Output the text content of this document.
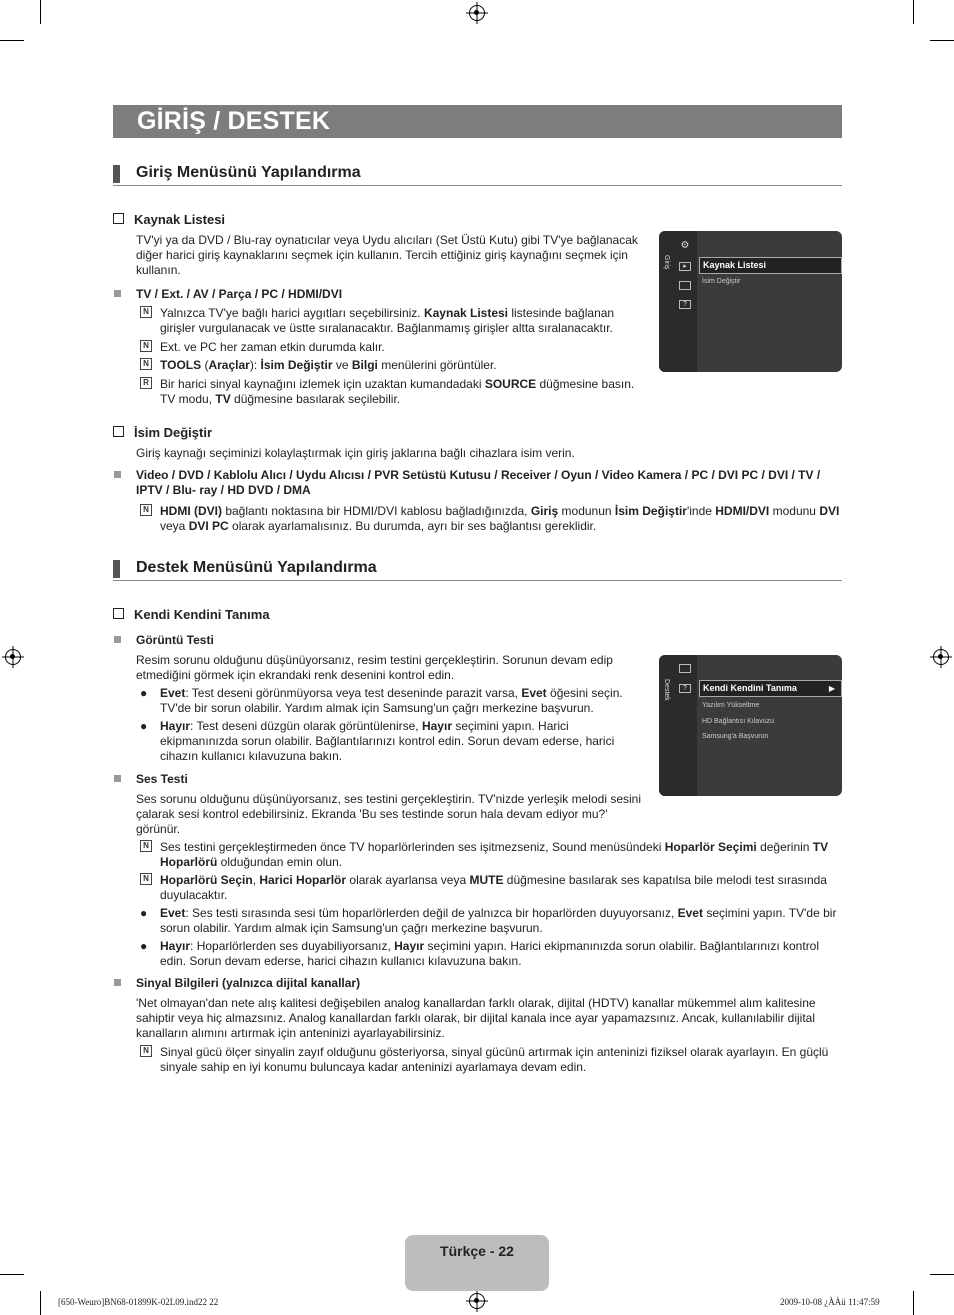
GİRİŞ / DESTEK
Giriş Menüsünü Yapılandırma
Kaynak Listesi
TV'yi ya da DVD / Blu-ray oynatıcılar veya Uydu alıcıları (Set Üstü Kutu) gibi TV'ye bağlanacak diğer harici giriş kaynaklarını seçmek için kullanın. Tercih ettiğiniz giriş kaynağını seçmek için kullanın.
TV / Ext. / AV / Parça / PC / HDMI/DVI
N Yalnızca TV'ye bağlı harici aygıtları seçebilirsiniz. Kaynak Listesi listesinde bağlanan girişler vurgulanacak ve üstte sıralanacaktır. Bağlanmamış girişler altta sıralanacaktır.
N Ext. ve PC her zaman etkin durumda kalır.
N TOOLS (Araçlar): İsim Değiştir ve Bilgi menülerini görüntüler.
R Bir harici sinyal kaynağını izlemek için uzaktan kumandadaki SOURCE düğmesine basın. TV modu, TV düğmesine basılarak seçilebilir.
Giriş
⚙
▸
?
Kaynak Listesi
İsim Değiştir
İsim Değiştir
Giriş kaynağı seçiminizi kolaylaştırmak için giriş jaklarına bağlı cihazlara isim verin.
Video / DVD / Kablolu Alıcı / Uydu Alıcısı / PVR Setüstü Kutusu / Receiver / Oyun / Video Kamera / PC / DVI PC / DVI / TV / IPTV / Blu- ray / HD DVD / DMA
N HDMI (DVI) bağlantı noktasına bir HDMI/DVI kablosu bağladığınızda, Giriş modunun İsim Değiştir'inde HDMI/DVI modunu DVI veya DVI PC olarak ayarlamalısınız. Bu durumda, ayrı bir ses bağlantısı gereklidir.
Destek Menüsünü Yapılandırma
Kendi Kendini Tanıma
Görüntü Testi
Resim sorunu olduğunu düşünüyorsanız, resim testini gerçekleştirin. Sorunun devam edip etmediğini görmek için ekrandaki renk desenini kontrol edin.
● Evet: Test deseni görünmüyorsa veya test deseninde parazit varsa, Evet öğesini seçin. TV'de bir sorun olabilir. Yardım almak için Samsung'un çağrı merkezine başvurun.
● Hayır: Test deseni düzgün olarak görüntülenirse, Hayır seçimini yapın. Harici ekipmanınızda sorun olabilir. Bağlantılarınızı kontrol edin. Sorun devam ederse, harici cihazın kullanıcı kılavuzuna bakın.
Destek	?	Kendi Kendini Tanıma	▶
Yazılım Yükseltme
HD Bağlantısı Kılavuzu
Samsung'a Başvurun
Ses Testi
Ses sorunu olduğunu düşünüyorsanız, ses testini gerçekleştirin. TV'nizde yerleşik melodi sesini çalarak sesi kontrol edebilirsiniz. Ekranda 'Bu ses testinde sorun hala devam ediyor mu?' görünür.
N Ses testini gerçekleştirmeden önce TV hoparlörlerinden ses işitmezseniz, Sound menüsündeki Hoparlör Seçimi değerinin TV Hoparlörü olduğundan emin olun.
N Hoparlörü Seçin, Harici Hoparlör olarak ayarlansa veya MUTE düğmesine basılarak ses kapatılsa bile melodi test sırasında duyulacaktır.
● Evet: Ses testi sırasında sesi tüm hoparlörlerden değil de yalnızca bir hoparlörden duyuyorsanız, Evet seçimini yapın. TV'de bir sorun olabilir. Yardım almak için Samsung'un çağrı merkezine başvurun.
● Hayır: Hoparlörlerden ses duyabiliyorsanız, Hayır seçimini yapın. Harici ekipmanınızda sorun olabilir. Bağlantılarınızı kontrol edin. Sorun devam ederse, harici cihazın kullanıcı kılavuzuna bakın.
Sinyal Bilgileri (yalnızca dijital kanallar)
'Net olmayan'dan nete alış kalitesi değişebilen analog kanallardan farklı olarak, dijital (HDTV) kanallar mükemmel alım kalitesine sahiptir veya hiç almazsınız. Analog kanallardan farklı olarak, bir dijital kanala ince ayar yapamazsınız. Ancak, kullanılabilir dijital kanalların alımını artırmak için anteninizi ayarlayabilirsiniz.
N Sinyal gücü ölçer sinyalin zayıf olduğunu gösteriyorsa, sinyal gücünü artırmak için anteninizi fiziksel olarak ayarlayın. En güçlü sinyale sahip en iyi konumu buluncaya kadar anteninizi ayarlamaya devam edin.
Türkçe - 22
[650-Weuro]BN68-01899K-02L09.ind22 22	2009-10-08 ¿ÀÀü 11:47:59
